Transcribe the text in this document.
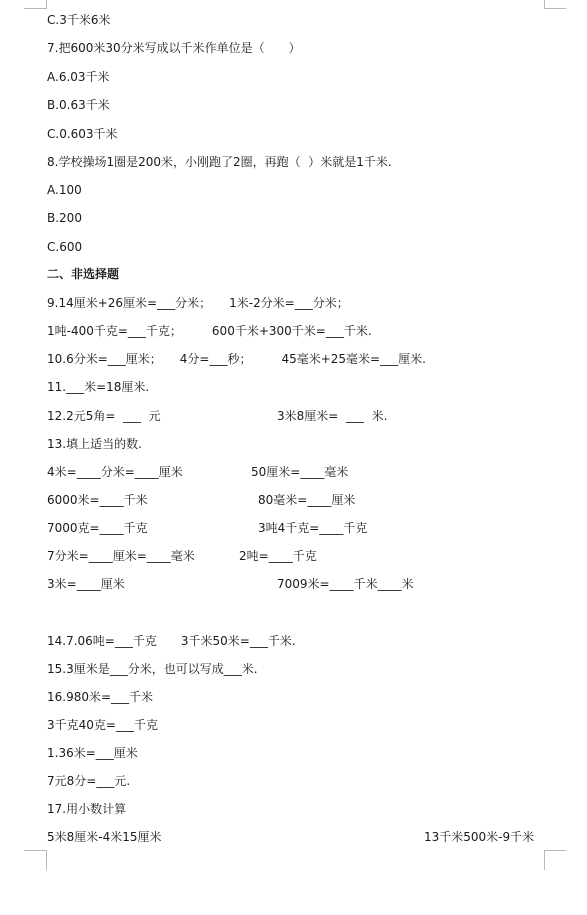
C.3千米6米
7.把600米30分米写成以千米作单位是（　　）
A.6.03千米
B.0.63千米
C.0.603千米
8.学校操场1圈是200米，小刚跑了2圈，再跑（  ）米就是1千米.
A.100
B.200
C.600
二、非选择题
9.14厘米+26厘米=___分米；　　1米-2分米=___分米；
1吨-400千克=___千克；　　　600千米+300千米=___千米.
10.6分米=___厘米；　　4分=___秒；　　　45毫米+25毫米=___厘米.
11.___米=18厘米.
12.2元5角=  ___  元	3米8厘米=  ___  米.
13.填上适当的数.
4米=____分米=____厘米	50厘米=____毫米
6000米=____千米	80毫米=____厘米
7000克=____千克	3吨4千克=____千克
7分米=____厘米=____毫米	2吨=____千克
3米=____厘米	7009米=____千米____米
14.7.06吨=___千克　　3千米50米=___千米.
15.3厘米是___分米，也可以写成___米.
16.980米=___千米
3千克40克=___千克
1.36米=___厘米
7元8分=___元.
17.用小数计算
5米8厘米-4米15厘米	13千米500米-9千米
